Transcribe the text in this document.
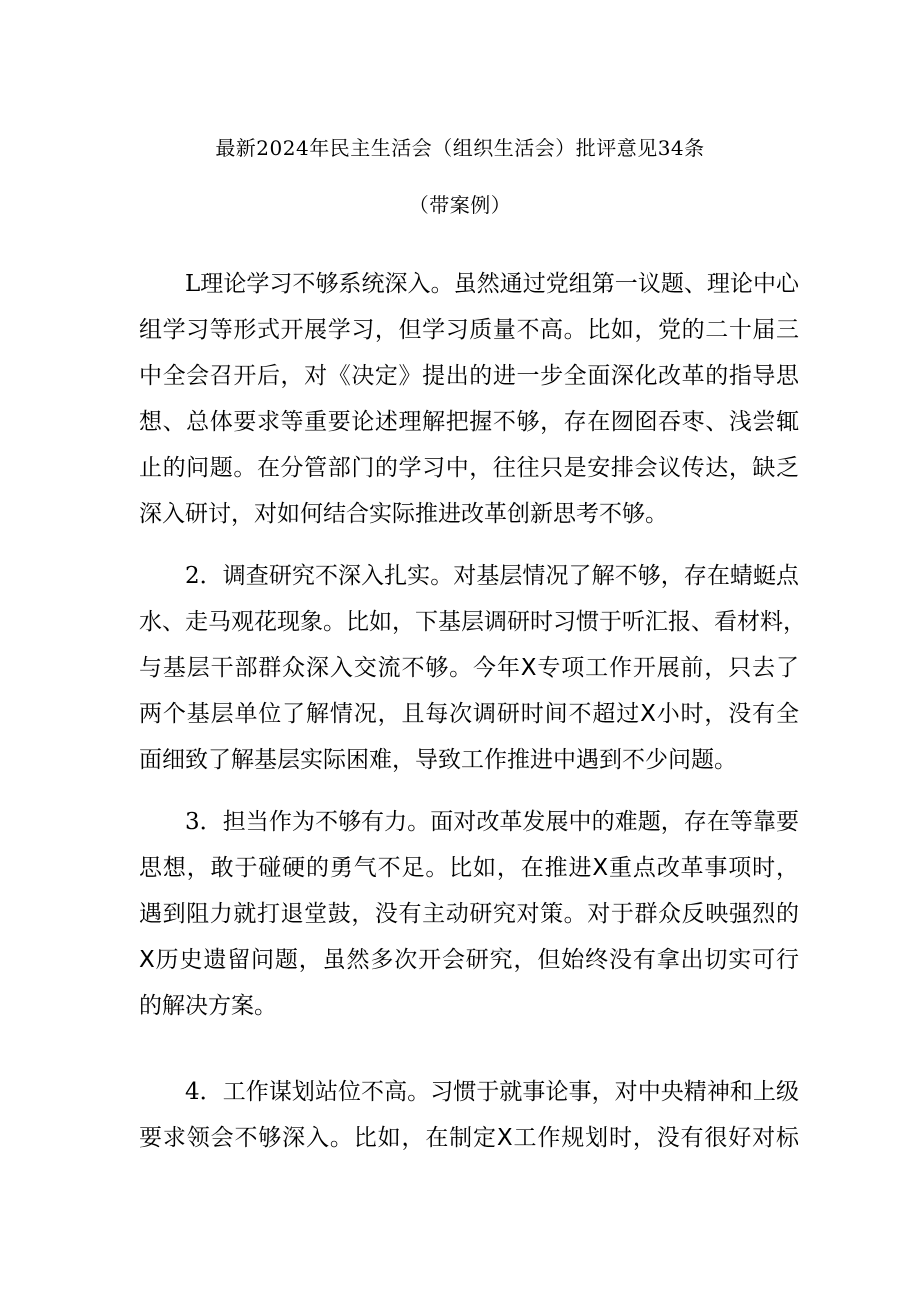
最新2024年民主生活会（组织生活会）批评意见34条
（带案例）
L理论学习不够系统深入。虽然通过党组第一议题、理论中心
组学习等形式开展学习，但学习质量不高。比如，党的二十届三
中全会召开后，对《决定》提出的进一步全面深化改革的指导思
想、总体要求等重要论述理解把握不够，存在囫囵吞枣、浅尝辄
止的问题。在分管部门的学习中，往往只是安排会议传达，缺乏
深入研讨，对如何结合实际推进改革创新思考不够。
2．调查研究不深入扎实。对基层情况了解不够，存在蜻蜓点
水、走马观花现象。比如，下基层调研时习惯于听汇报、看材料，
与基层干部群众深入交流不够。今年X专项工作开展前，只去了
两个基层单位了解情况，且每次调研时间不超过X小时，没有全
面细致了解基层实际困难，导致工作推进中遇到不少问题。
3．担当作为不够有力。面对改革发展中的难题，存在等靠要
思想，敢于碰硬的勇气不足。比如，在推进X重点改革事项时，
遇到阻力就打退堂鼓，没有主动研究对策。对于群众反映强烈的
X历史遗留问题，虽然多次开会研究，但始终没有拿出切实可行
的解决方案。
4．工作谋划站位不高。习惯于就事论事，对中央精神和上级
要求领会不够深入。比如，在制定X工作规划时，没有很好对标
